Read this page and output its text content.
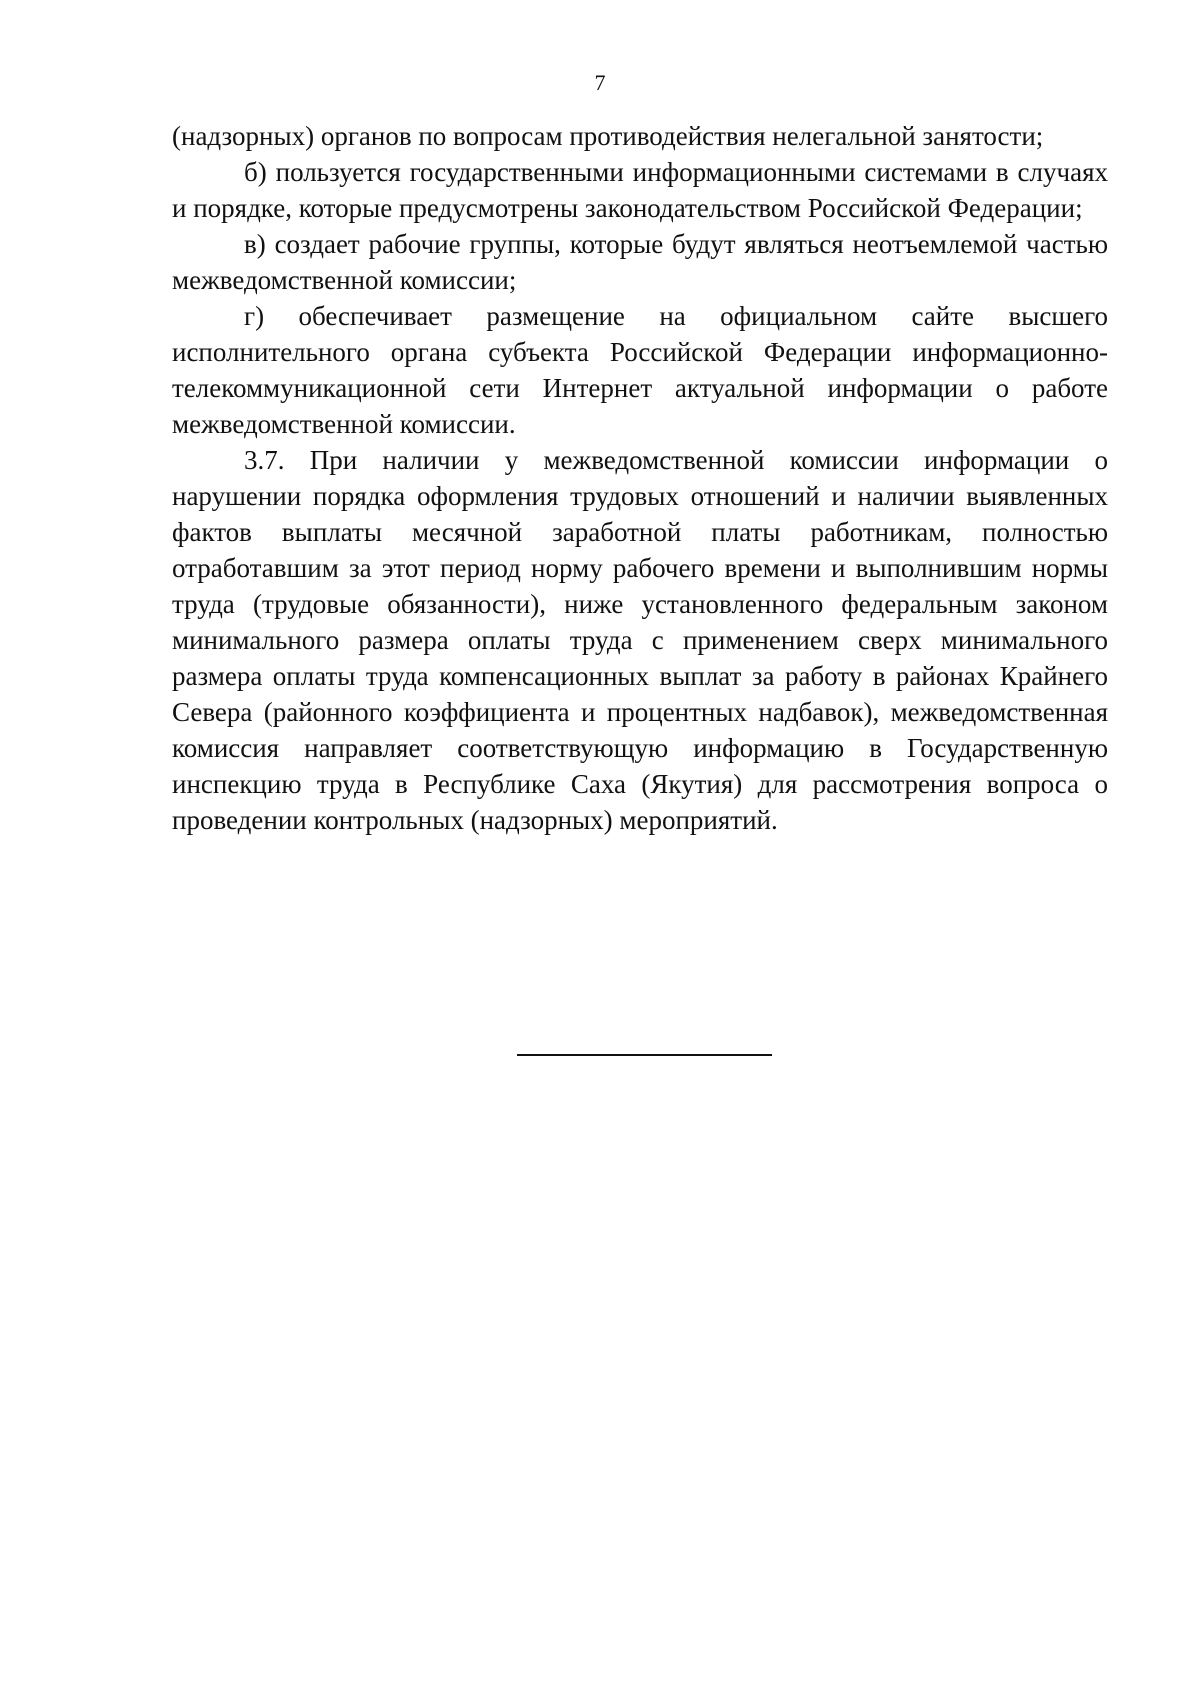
7

(надзорных) органов по вопросам противодействия нелегальной занятости;

б) пользуется государственными информационными системами в случаях и порядке, которые предусмотрены законодательством Российской Федерации;

в) создает рабочие группы, которые будут являться неотъемлемой частью межведомственной комиссии;

г) обеспечивает размещение на официальном сайте высшего исполнительного органа субъекта Российской Федерации информационно-телекоммуникационной сети Интернет актуальной информации о работе межведомственной комиссии.

3.7. При наличии у межведомственной комиссии информации о нарушении порядка оформления трудовых отношений и наличии выявленных фактов выплаты месячной заработной платы работникам, полностью отработавшим за этот период норму рабочего времени и выполнившим нормы труда (трудовые обязанности), ниже установленного федеральным законом минимального размера оплаты труда с применением сверх минимального размера оплаты труда компенсационных выплат за работу в районах Крайнего Севера (районного коэффициента и процентных надбавок), межведомственная комиссия направляет соответствующую информацию в Государственную инспекцию труда в Республике Саха (Якутия) для рассмотрения вопроса о проведении контрольных (надзорных) мероприятий.
